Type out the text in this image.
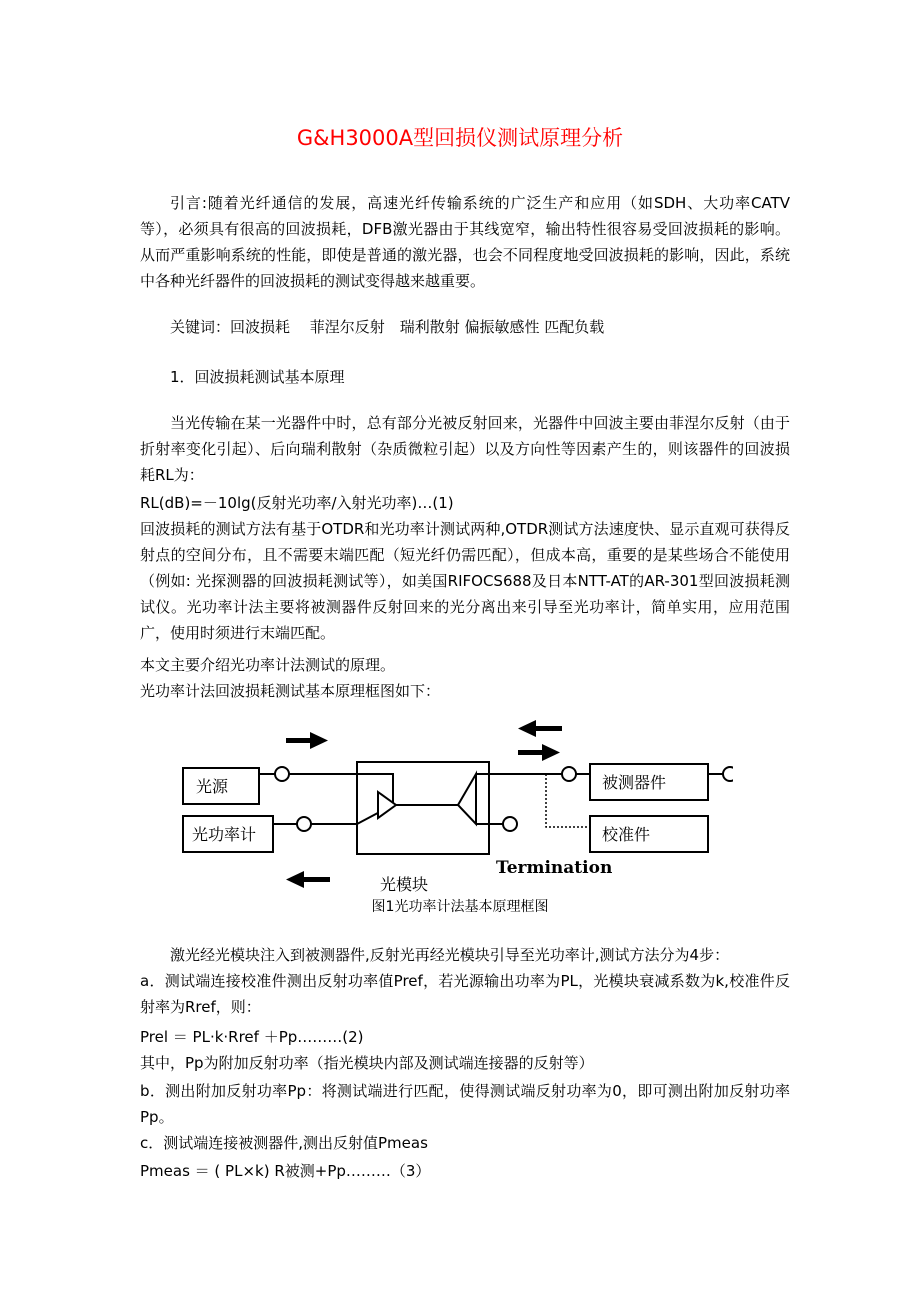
G&H3000A型回损仪测试原理分析

引言:随着光纤通信的发展，高速光纤传输系统的广泛生产和应用（如SDH、大功率CATV等），必须具有很高的回波损耗，DFB激光器由于其线宽窄，输出特性很容易受回波损耗的影响。从而严重影响系统的性能，即使是普通的激光器，也会不同程度地受回波损耗的影响，因此，系统中各种光纤器件的回波损耗的测试变得越来越重要。

关键词：回波损耗　 菲涅尔反射　瑞利散射 偏振敏感性 匹配负载

1．回波损耗测试基本原理

当光传输在某一光器件中时，总有部分光被反射回来，光器件中回波主要由菲涅尔反射（由于折射率变化引起）、后向瑞利散射（杂质微粒引起）以及方向性等因素产生的，则该器件的回波损耗RL为：

RL(dB)=－10lg(反射光功率/入射光功率)…(1)

回波损耗的测试方法有基于OTDR和光功率计测试两种,OTDR测试方法速度快、显示直观可获得反射点的空间分布，且不需要末端匹配（短光纤仍需匹配），但成本高，重要的是某些场合不能使用（例如: 光探测器的回波损耗测试等），如美国RIFOCS688及日本NTT-AT的AR-301型回波损耗测试仪。光功率计法主要将被测器件反射回来的光分离出来引导至光功率计，简单实用，应用范围广，使用时须进行末端匹配。

本文主要介绍光功率计法测试的原理。

光功率计法回波损耗测试基本原理框图如下：

光源
光功率计
光模块
被测器件
校准件
Termination
图1光功率计法基本原理框图

激光经光模块注入到被测器件,反射光再经光模块引导至光功率计,测试方法分为4步：

a．测试端连接校准件测出反射功率值Pref，若光源输出功率为PL，光模块衰减系数为k,校准件反射率为Rref，则：

Prel ＝ PL·k·Rref ＋Pp………(2)

其中，Pp为附加反射功率（指光模块内部及测试端连接器的反射等）

b．测出附加反射功率Pp：将测试端进行匹配，使得测试端反射功率为0，即可测出附加反射功率Pp。

c．测试端连接被测器件,测出反射值Pmeas

Pmeas ＝ ( PL×k) R被测+Pp………（3）
